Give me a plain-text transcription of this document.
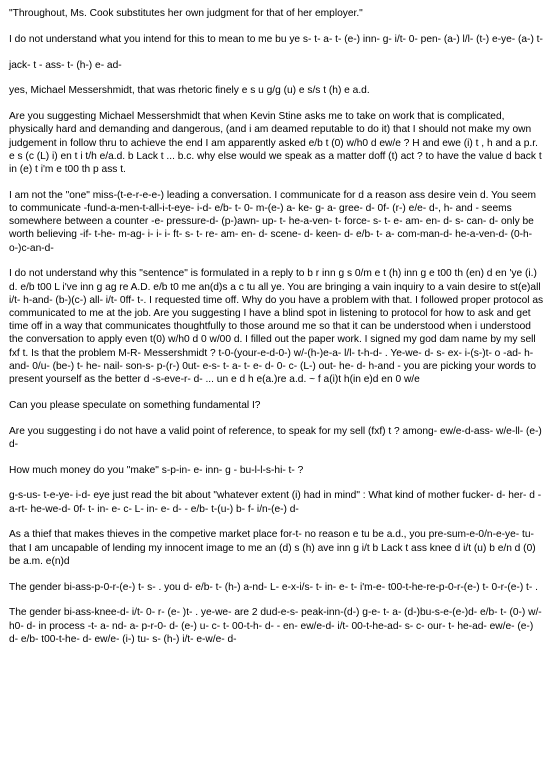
"Throughout, Ms. Cook substitutes her own judgment for that of her employer."

I do not understand what you intend for this to mean to me bu ye s- t- a- t- (e-) inn- g- i/t- 0- pen- (a-) l/l- (t-) e-ye- (a-) t-

jack- t - ass- t- (h-) e- ad-

yes, Michael Messershmidt, that was rhetoric finely e s u g/g (u) e s/s t (h) e a.d.

Are you suggesting Michael Messershmidt that when Kevin Stine asks me to take on work that is complicated, physically hard and demanding and dangerous, (and i am deamed reputable to do it) that I should not make my own judgement in follow thru to achieve the end I am apparently asked e/b t (0) w/h0 d ew/e ? H and ewe (i) t , h and a p.r. e s (c (L) i) en t i t/h e/a.d. b Lack t ... b.c. why else would we speak as a matter doff (t) act ? to have the value d back t in (e) t i'm e t00 th p ass t.

I am not the "one" miss-(t-e-r-e-e-) leading a conversation. I communicate for d a reason ass desire vein d. You seem to communicate -fund-a-men-t-all-i-t-eye- i-d- e/b- t- 0- m-(e-) a- ke- g- a- gree- d- 0f- (r-) e/e- d-, h- and - seems somewhere between a counter -e- pressure-d- (p-)awn- up- t- he-a-ven- t- force- s- t- e- am- en- d- s- can- d- only be worth believing -if- t-he- m-ag- i- i- i- ft- s- t- re- am- en- d- scene- d- keen- d- e/b- t- a- com-man-d- he-a-ven-d- (0-h-o-)c-an-d-

I do not understand why this "sentence" is formulated in a reply to b r inn g s 0/m e t (h) inn g e t00 th (en) d en 'ye (i.) d. e/b t00 L i've inn g ag re A.D. e/b t0 me an(d)s a c tu all ye. You are bringing a vain inquiry to a vain desire to st(e)all i/t- h-and- (b-)(c-) all- i/t- 0ff- t-. I requested time off. Why do you have a problem with that. I followed proper protocol as communicated to me at the job. Are you suggesting I have a blind spot in listening to protocol for how to ask and get time off in a way that communicates thoughtfully to those around me so that it can be understood when i understood the conversation to apply even t(0) w/h0 d 0 w/00 d. I filled out the paper work. I signed my god dam name by my sell fxf t. Is that the problem M-R- Messershmidt ? t-0-(your-e-d-0-) w/-(h-)e-a- l/l- t-h-d- . Ye-we- d- s- ex- i-(s-)t- o -ad- h-and- 0/u- (be-) t- he- nail- son-s- p-(r-) 0ut- e-s- t- a- t- e- d- 0- c- (L-) out- he- d- h-and - you are picking your words to present yourself as the better d -s-eve-r- d- ... un e d h e(a.)re a.d. ~ f a(i)t h(in e)d en 0 w/e

Can you please speculate on something fundamental I?

Are you suggesting i do not have a valid point of reference, to speak for my sell (fxf) t ? among- ew/e-d-ass- w/e-ll- (e-) d-

How much money do you "make" s-p-in- e- inn- g - bu-l-l-s-hi- t- ?

g-s-us- t-e-ye- i-d- eye just read the bit about "whatever extent (i) had in mind" : What kind of mother fucker- d- her- d -a-rt- he-we-d- 0f- t- in- e- c- L- in- e- d- - e/b- t-(u-) b- f- i/n-(e-) d-

As a thief that makes thieves in the competive market place for-t- no reason e tu be a.d., you pre-sum-e-0/n-e-ye- tu- that I am uncapable of lending my innocent image to me an (d) s (h) ave inn g i/t b Lack t ass knee d i/t (u) b e/n d (0) be a.m. e(n)d

The gender bi-ass-p-0-r-(e-) t- s- . you d- e/b- t- (h-) a-nd- L- e-x-i/s- t- in- e- t- i'm-e- t00-t-he-re-p-0-r-(e-) t- 0-r-(e-) t- .

The gender bi-ass-knee-d- i/t- 0- r- (e- )t- . ye-we- are 2 dud-e-s- peak-inn-(d-) g-e- t- a- (d-)bu-s-e-(e-)d- e/b- t- (0-) w/-h0- d- in process -t- a- nd- a- p-r-0- d- (e-) u- c- t- 00-t-h- d- - en- ew/e-d- i/t- 00-t-he-ad- s- c- our- t- he-ad- ew/e- (e-) d- e/b- t00-t-he- d- ew/e- (i-) tu- s- (h-) i/t- e-w/e- d-
